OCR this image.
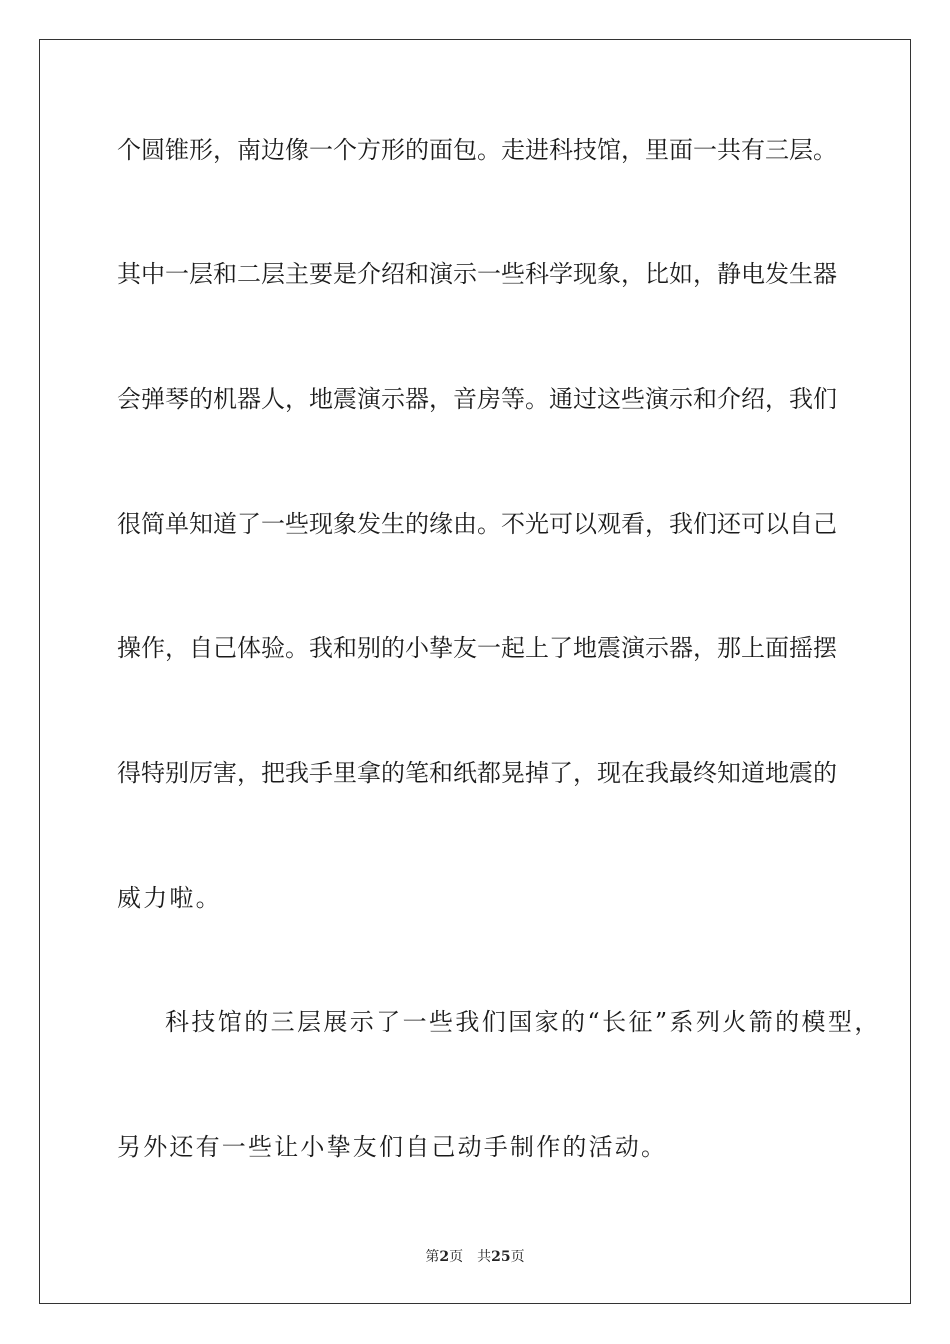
个圆锥形，南边像一个方形的面包。走进科技馆，里面一共有三层。
其中一层和二层主要是介绍和演示一些科学现象，比如，静电发生器
会弹琴的机器人，地震演示器，音房等。通过这些演示和介绍，我们
很简单知道了一些现象发生的缘由。不光可以观看，我们还可以自己
操作，自己体验。我和别的小挚友一起上了地震演示器，那上面摇摆
得特别厉害，把我手里拿的笔和纸都晃掉了，现在我最终知道地震的
威力啦。
科技馆的三层展示了一些我们国家的“长征”系列火箭的模型，
另外还有一些让小挚友们自己动手制作的活动。
第2页 共25页
